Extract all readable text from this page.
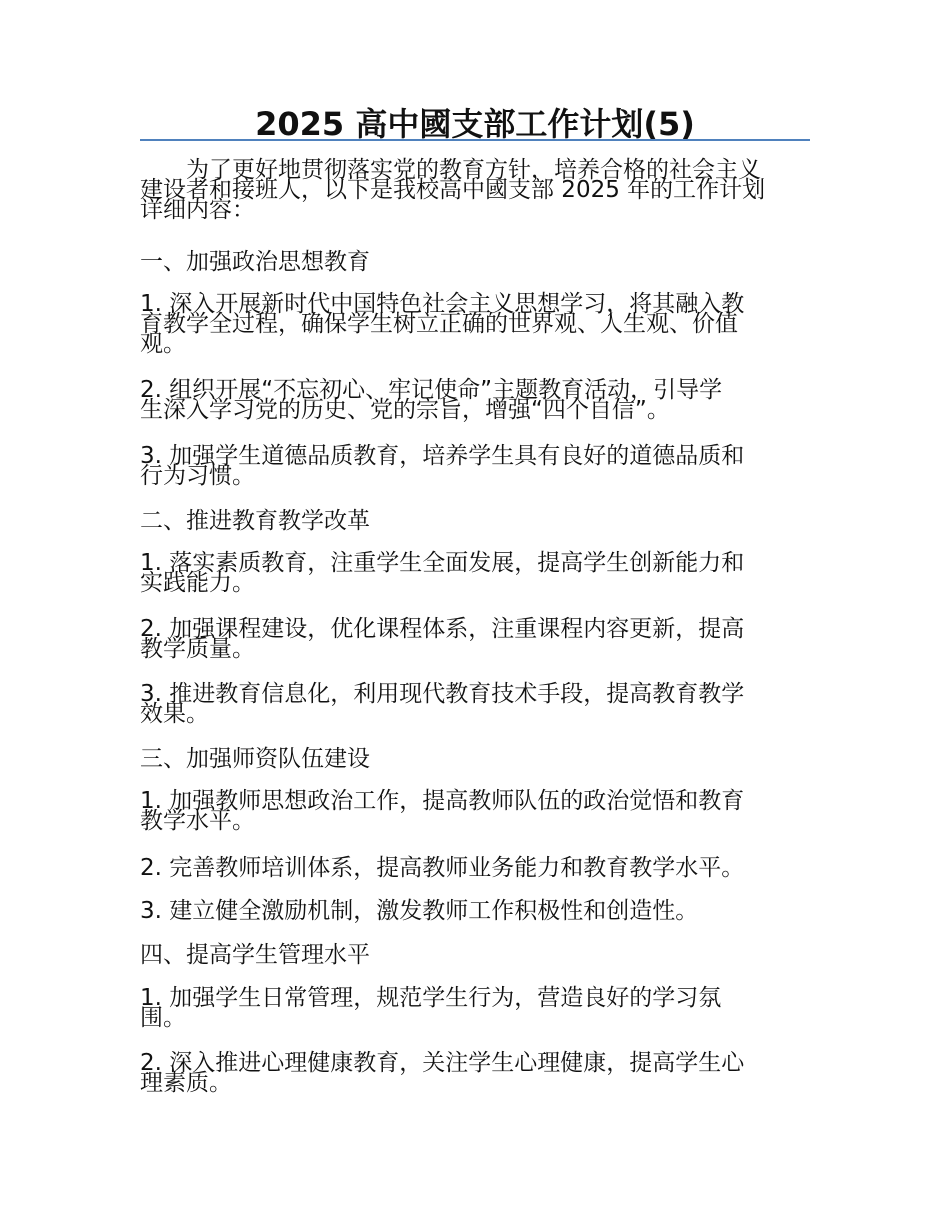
2025 高中國支部工作计划(5)
　　为了更好地贯彻落实党的教育方针，培养合格的社会主义
建设者和接班人，以下是我校高中國支部 2025 年的工作计划
详细内容：
一、加强政治思想教育
1. 深入开展新时代中国特色社会主义思想学习，将其融入教
育教学全过程，确保学生树立正确的世界观、人生观、价值
观。
2. 组织开展“不忘初心、牢记使命”主题教育活动，引导学
生深入学习党的历史、党的宗旨，增强“四个自信”。
3. 加强学生道德品质教育，培养学生具有良好的道德品质和
行为习惯。
二、推进教育教学改革
1. 落实素质教育，注重学生全面发展，提高学生创新能力和
实践能力。
2. 加强课程建设，优化课程体系，注重课程内容更新，提高
教学质量。
3. 推进教育信息化，利用现代教育技术手段，提高教育教学
效果。
三、加强师资队伍建设
1. 加强教师思想政治工作，提高教师队伍的政治觉悟和教育
教学水平。
2. 完善教师培训体系，提高教师业务能力和教育教学水平。
3. 建立健全激励机制，激发教师工作积极性和创造性。
四、提高学生管理水平
1. 加强学生日常管理，规范学生行为，营造良好的学习氛
围。
2. 深入推进心理健康教育，关注学生心理健康，提高学生心
理素质。
